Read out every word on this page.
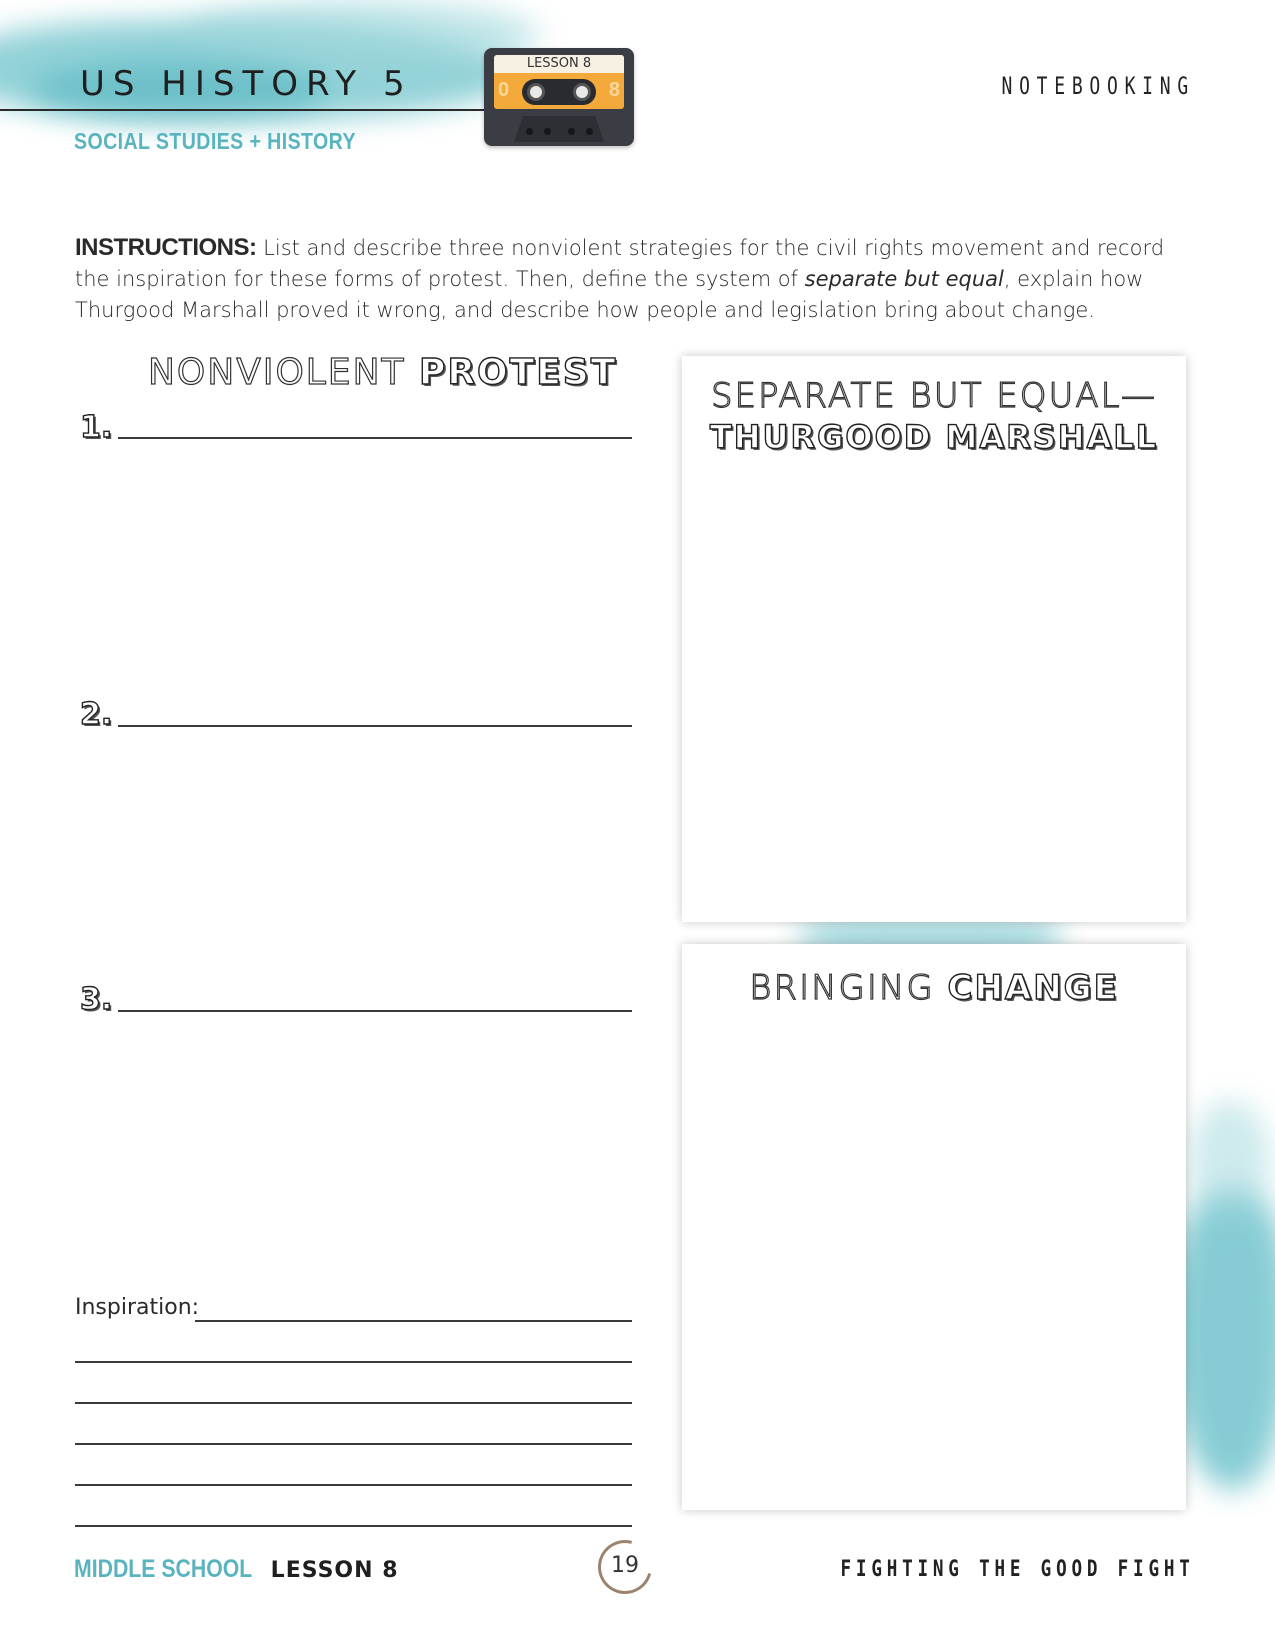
US HISTORY 5
SOCIAL STUDIES + HISTORY
LESSON 8
0	8	NOTEBOOKING
INSTRUCTIONS: List and describe three nonviolent strategies for the civil rights movement and record the inspiration for these forms of protest. Then, define the system of separate but equal, explain how Thurgood Marshall proved it wrong, and describe how people and legislation bring about change.
NONVIOLENT PROTEST
1.
2.
3.
Inspiration:
SEPARATE BUT EQUAL—
THURGOOD MARSHALL
BRINGING CHANGE
MIDDLE SCHOOL LESSON 8	19	FIGHTING THE GOOD FIGHT
